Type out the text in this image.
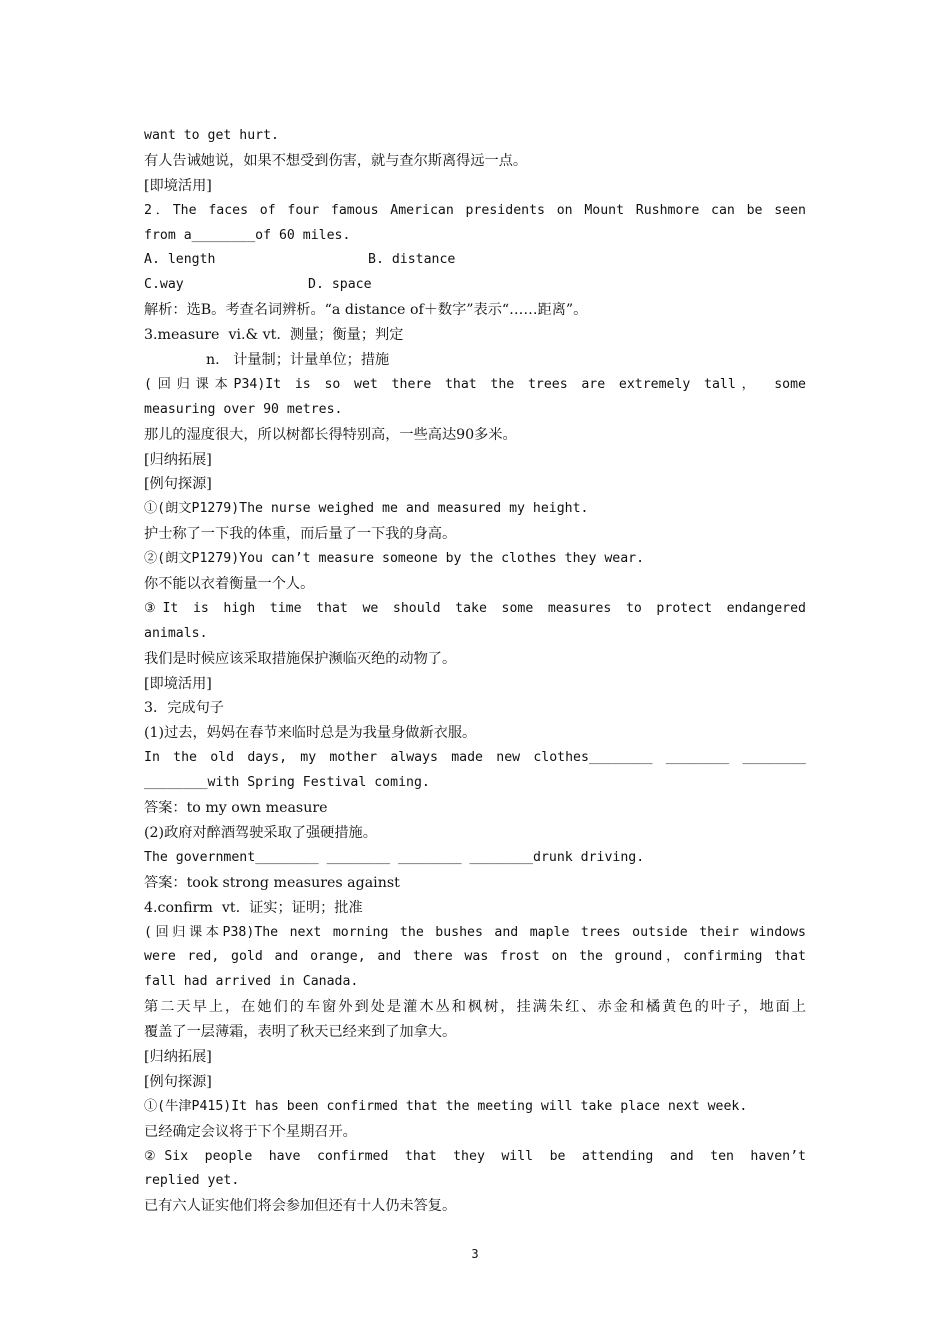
want to get hurt.
有人告诫她说，如果不想受到伤害，就与查尔斯离得远一点。
[即境活用]
2．The faces of four famous American presidents on Mount Rushmore can be seen
from a________of 60 miles.
A. length	B. distance
C.way	D. space
解析：选B。考查名词辨析。“a distance of＋数字”表示“……距离”。
3.measure  vi.& vt.  测量；衡量；判定
n.   计量制；计量单位；措施
(回归课本P34)It is so wet there that the trees are extremely tall， some
measuring over 90 metres.
那儿的湿度很大，所以树都长得特别高，一些高达90多米。
[归纳拓展]
[例句探源]
①(朗文P1279)The nurse weighed me and measured my height.
护士称了一下我的体重，而后量了一下我的身高。
②(朗文P1279)You can’t measure someone by the clothes they wear.
你不能以衣着衡量一个人。
③It is high time that we should take some measures to protect endangered
animals.
我们是时候应该采取措施保护濒临灭绝的动物了。
[即境活用]
3．完成句子
(1)过去，妈妈在春节来临时总是为我量身做新衣服。
In the old days, my mother always made new clothes________ ________ ________
________with Spring Festival coming.
答案：to my own measure
(2)政府对醉酒驾驶采取了强硬措施。
The government________ ________ ________ ________drunk driving.
答案：took strong measures against
4.confirm  vt.  证实；证明；批准
(回归课本P38)The next morning the bushes and maple trees outside their windows
were red, gold and orange, and there was frost on the ground，confirming that
fall had arrived in Canada.
第二天早上，在她们的车窗外到处是灌木丛和枫树，挂满朱红、赤金和橘黄色的叶子，地面上
覆盖了一层薄霜，表明了秋天已经来到了加拿大。
[归纳拓展]
[例句探源]
①(牛津P415)It has been confirmed that the meeting will take place next week.
已经确定会议将于下个星期召开。
②Six people have confirmed that they will be attending and ten haven’t
replied yet.
已有六人证实他们将会参加但还有十人仍未答复。
3
